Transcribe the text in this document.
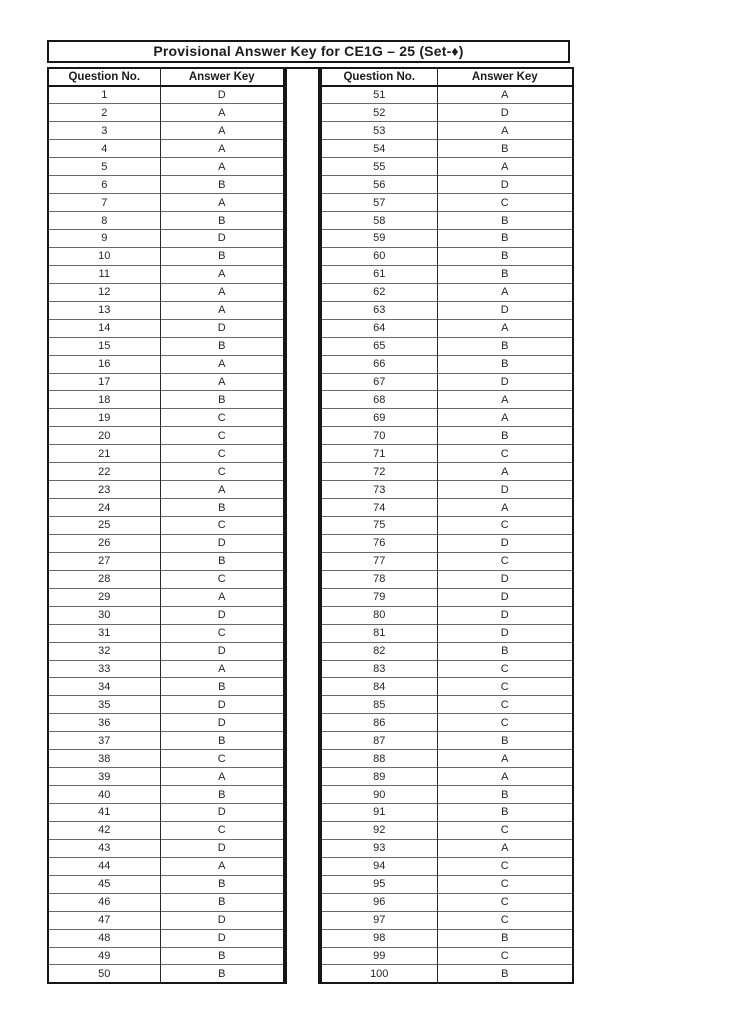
Provisional Answer Key for CE1G – 25 (Set-♦)
Question No.	Answer Key
1	D
2	A
3	A
4	A
5	A
6	B
7	A
8	B
9	D
10	B
11	A
12	A
13	A
14	D
15	B
16	A
17	A
18	B
19	C
20	C
21	C
22	C
23	A
24	B
25	C
26	D
27	B
28	C
29	A
30	D
31	C
32	D
33	A
34	B
35	D
36	D
37	B
38	C
39	A
40	B
41	D
42	C
43	D
44	A
45	B
46	B
47	D
48	D
49	B
50	B
Question No.	Answer Key
51	A
52	D
53	A
54	B
55	A
56	D
57	C
58	B
59	B
60	B
61	B
62	A
63	D
64	A
65	B
66	B
67	D
68	A
69	A
70	B
71	C
72	A
73	D
74	A
75	C
76	D
77	C
78	D
79	D
80	D
81	D
82	B
83	C
84	C
85	C
86	C
87	B
88	A
89	A
90	B
91	B
92	C
93	A
94	C
95	C
96	C
97	C
98	B
99	C
100	B
